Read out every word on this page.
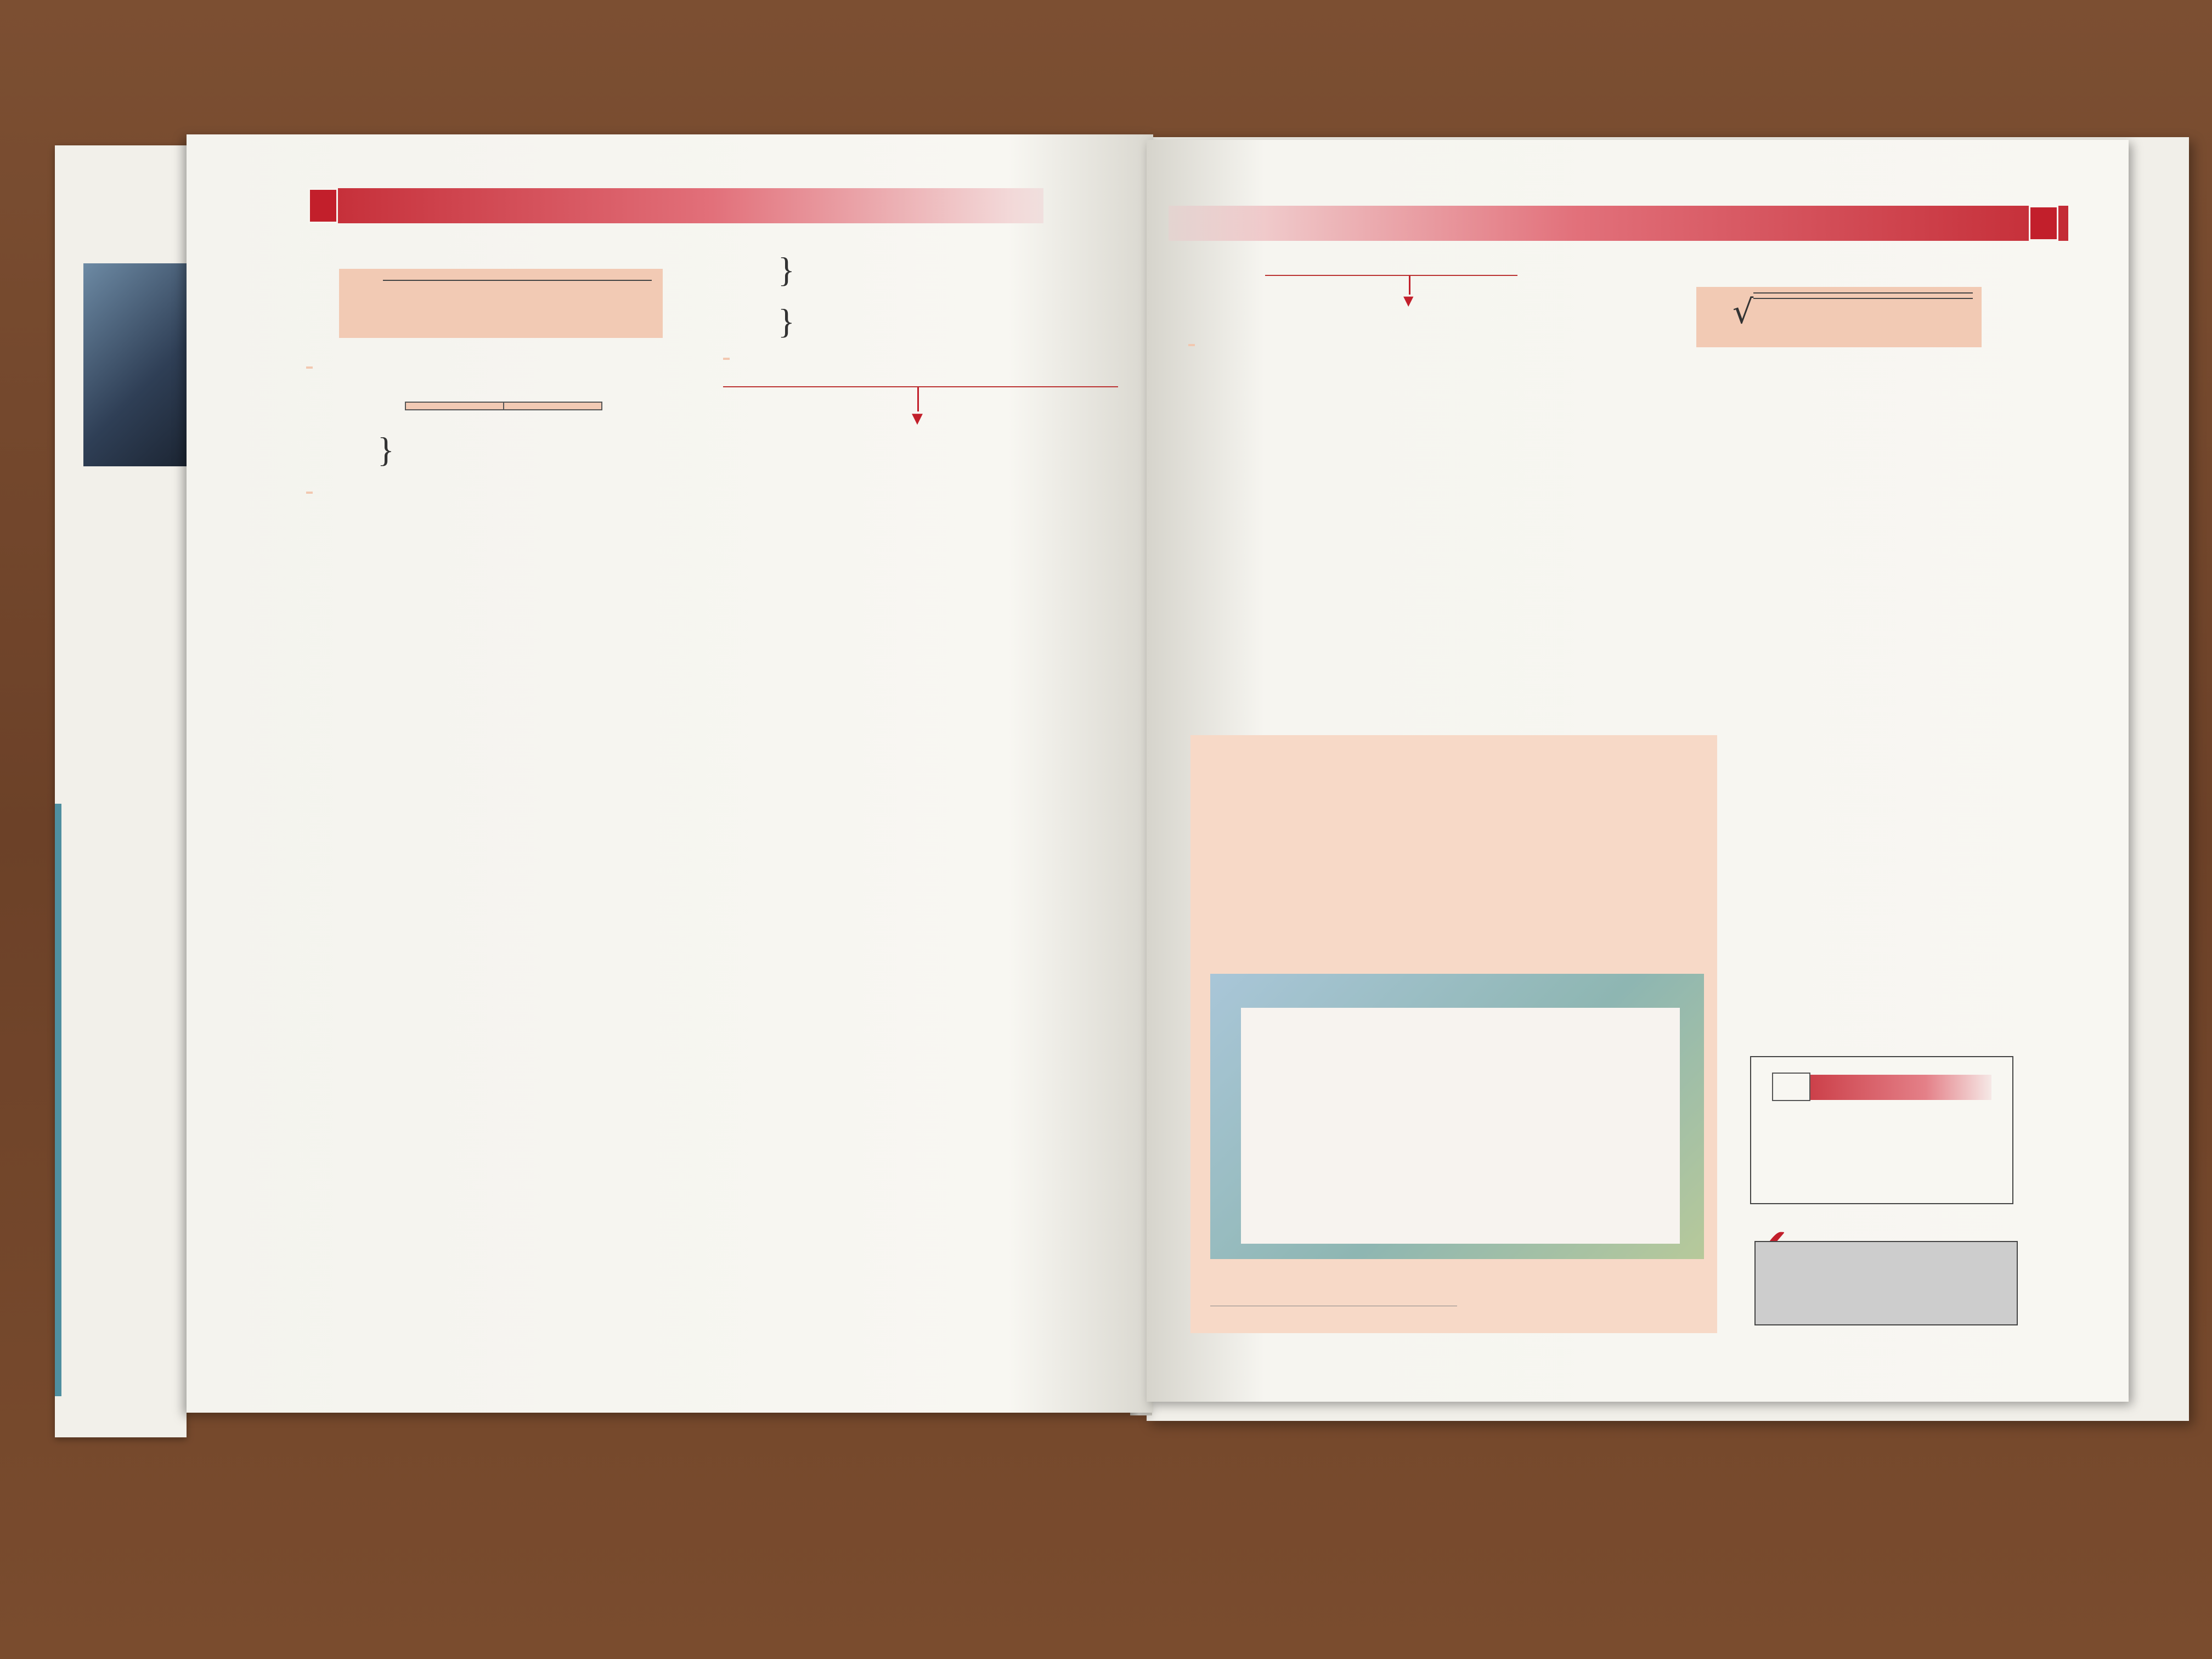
}

}

}

▼

▼	√
